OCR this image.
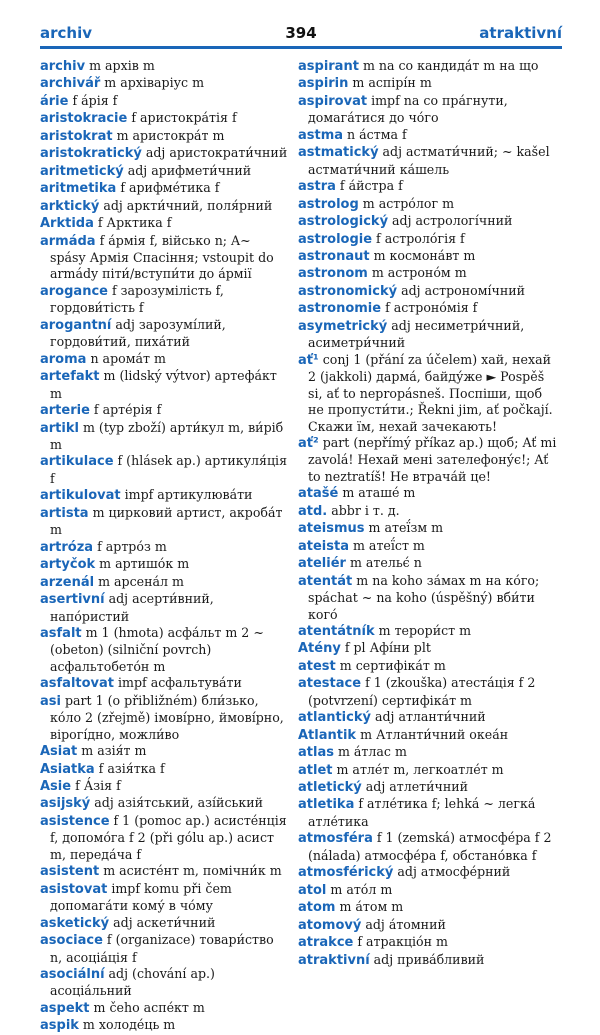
archiv	394	atraktivní
archiv m архів m
archivář m архіваріус m
árie f ápія f
aristokracie f аристокра́тія f
aristokrat m аристокра́т m
aristokratický adj аристократи́чний
aritmetický adj арифмети́чний
aritmetika f арифме́тика f
arktický adj аркти́чний, поля́рний
Arktida f Арктика f
armáda f а́рмія f, військо n; A~ spásy Армія Спасіння; vstoupit do armády піти́/вступи́ти до а́рмії
arogance f зарозумілість f, гордови́тість f
arogantní adj зарозумі́лий, гордови́тий, пиха́тий
aroma n арома́т m
artefakt m (lidský výtvor) артефа́кт m
arterie f арте́рія f
artikl m (typ zboží) арти́кул m, ви́ріб m
artikulace f (hlásek ap.) артикуля́ція f
artikulovat impf артикулюва́ти
artista m цирковий артист, акроба́т m
artróza f артро́з m
artyčok m артишо́к m
arzenál m арсена́л m
asertivní adj асерти́вний, напо́ристий
asfalt m 1 (hmota) асфа́льт m 2 ~(obeton) (silniční povrch) асфальтобето́н m
asfaltovat impf асфальтува́ти
asi part 1 (o přibližném) бли́зько, ко́ло 2 (zřejmě) імові́рно, ймові́рно, вірогі́дно, можли́во
Asiat m азія́т m
Asiatka f азія́тка f
Asie f А́зія f
asijský adj азія́тський, азі́йський
asistence f 1 (pomoc ap.) асисте́нція f, допомо́га f 2 (při gólu ap.) асист m, переда́ча f
asistent m асисте́нт m, помічни́к m
asistovat impf komu při čem допомага́ти кому́ в чо́му
asketický adj аскети́чний
asociace f (organizace) товари́ство n, асоціа́ція f
asociální adj (chování ap.) асоціа́льний
aspekt m čeho аспе́кт m
aspik m холоде́ць m
aspirant m na co кандида́т m на що
aspirin m аспірі́н m
aspirovat impf na co пра́гнути, домага́тися до чо́го
astma n а́стма f
astmatický adj астмати́чний; ~ kašel астмати́чний ка́шель
astra f а́йстра f
astrolog m астро́лог m
astrologický adj астрологі́чний
astrologie f астроло́гія f
astronaut m космона́вт m
astronom m астроно́м m
astronomický adj астрономі́чний
astronomie f астроно́мія f
asymetrický adj несиметри́чний, асиметри́чний
ať¹ conj 1 (přání za účelem) хай, нехай 2 (jakkoli) дарма́, байду́же ► Pospěš si, ať to nepropásneš. Поспіши, щоб не пропусти́ти.; Řekni jim, ať počkají. Скажи їм, нехай зачекають!
ať² part (nepřímý příkaz ap.) щоб; Ať mi zavolá! Нехай мені зателефону́є!; Ať to neztratíš! Не втрача́й це!
atašé m аташе́ m
atd. abbr і т. д.
ateismus m атеї́зм m
ateista m атеї́ст m
ateliér m ательє́ n
atentát m na koho за́мах m на ко́го; spáchat ~ na koho (úspěšný) вби́ти кого́
atentátník m терори́ст m
Atény f pl Афі́ни plt
atest m сертифіка́т m
atestace f 1 (zkouška) атеста́ція f 2 (potvrzení) сертифіка́т m
atlantický adj атланти́чний
Atlantik m Атланти́чний океа́н
atlas m а́тлас m
atlet m атле́т m, легкоатле́т m
atletický adj атлети́чний
atletika f атле́тика f; lehká ~ легка́ атле́тика
atmosféra f 1 (zemská) атмосфе́ра f 2 (nálada) атмосфе́ра f, обстано́вка f
atmosférický adj атмосфе́рний
atol m ато́л m
atom m а́том m
atomový adj а́томний
atrakce f атракціо́н m
atraktivní adj прива́бливий
